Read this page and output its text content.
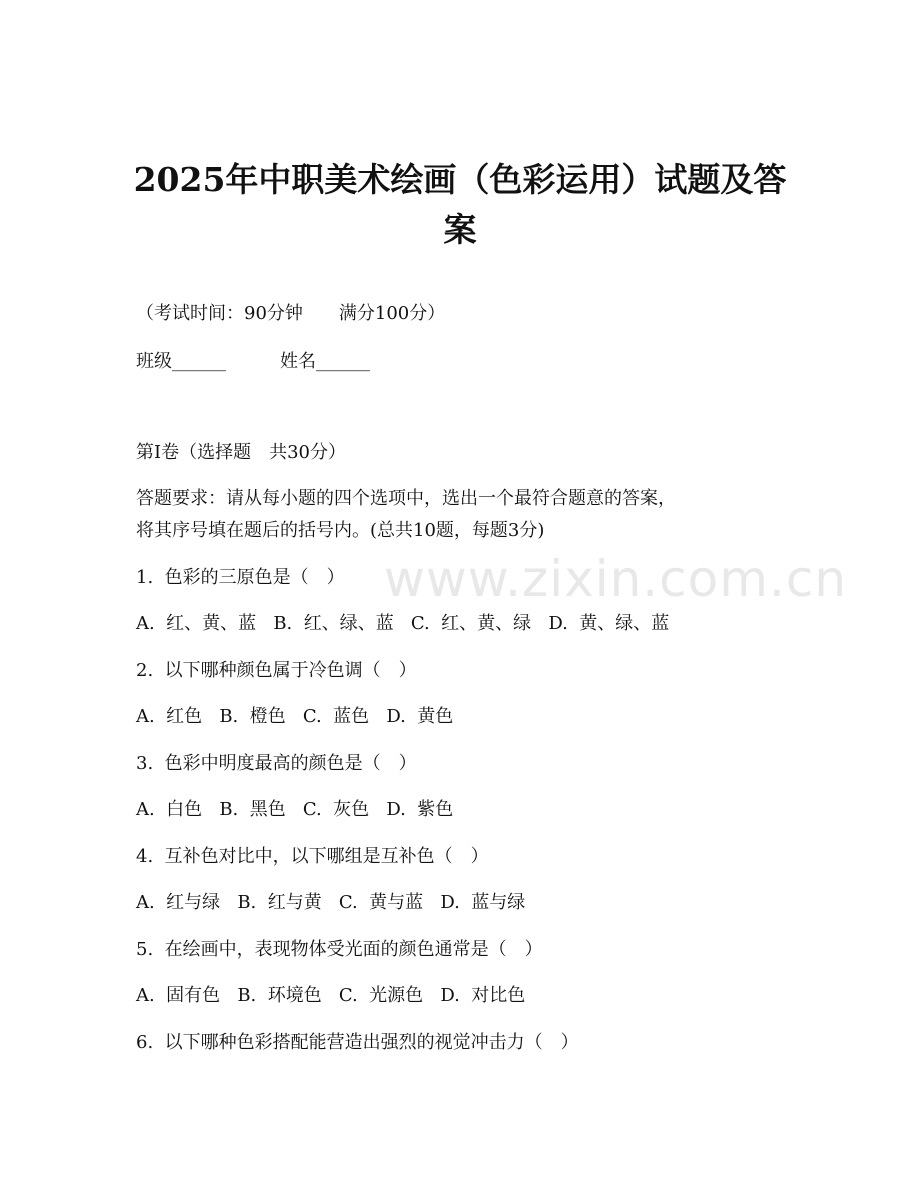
2025年中职美术绘画（色彩运用）试题及答
案
（考试时间：90分钟　　满分100分）
班级______　　　姓名______
第I卷（选择题　共30分）
答题要求：请从每小题的四个选项中，选出一个最符合题意的答案，
将其序号填在题后的括号内。(总共10题，每题3分)
1.  色彩的三原色是（　）
A.  红、黄、蓝   B.  红、绿、蓝   C.  红、黄、绿   D.  黄、绿、蓝
2.  以下哪种颜色属于冷色调（　）
A.  红色   B.  橙色   C.  蓝色   D.  黄色
3.  色彩中明度最高的颜色是（　）
A.  白色   B.  黑色   C.  灰色   D.  紫色
4.  互补色对比中，以下哪组是互补色（　）
A.  红与绿   B.  红与黄   C.  黄与蓝   D.  蓝与绿
5.  在绘画中，表现物体受光面的颜色通常是（　）
A.  固有色   B.  环境色   C.  光源色   D.  对比色
6.  以下哪种色彩搭配能营造出强烈的视觉冲击力（　）
www.zixin.com.cn
